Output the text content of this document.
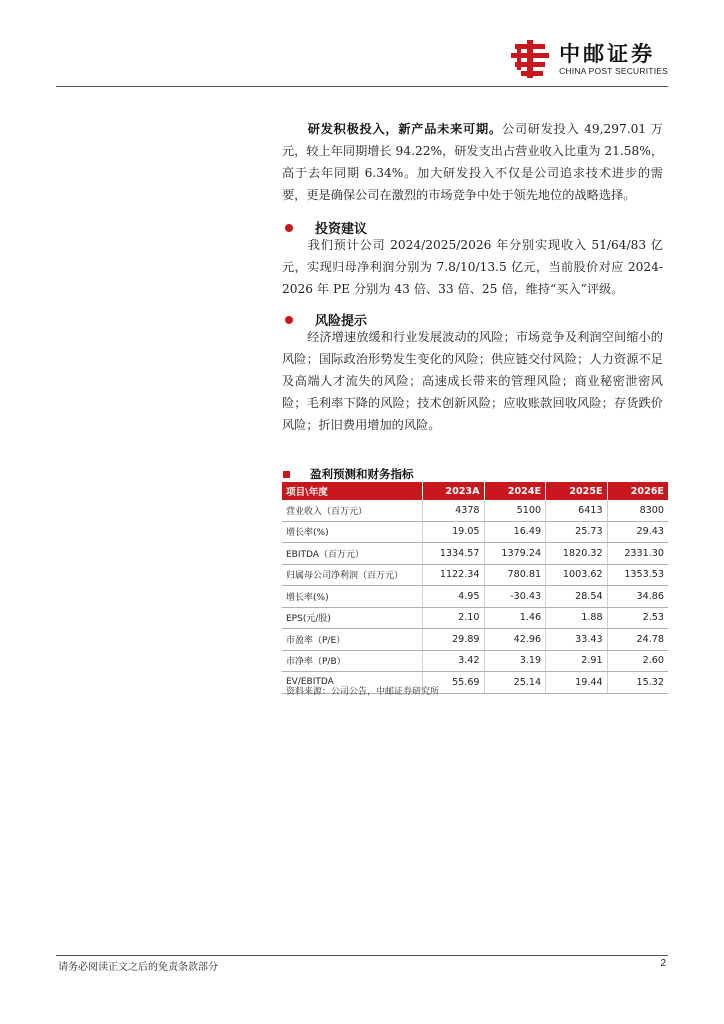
中邮证券
CHINA POST SECURITIES
研发积极投入，新产品未来可期。公司研发投入 49,297.01 万元，较上年同期增长 94.22%，研发支出占营业收入比重为 21.58%，高于去年同期 6.34%。加大研发投入不仅是公司追求技术进步的需要，更是确保公司在激烈的市场竞争中处于领先地位的战略选择。
投资建议
我们预计公司 2024/2025/2026 年分别实现收入 51/64/83 亿元，实现归母净利润分别为 7.8/10/13.5 亿元，当前股价对应 2024-2026 年 PE 分别为 43 倍、33 倍、25 倍，维持“买入”评级。
风险提示
经济增速放缓和行业发展波动的风险；市场竞争及利润空间缩小的风险；国际政治形势发生变化的风险；供应链交付风险；人力资源不足及高端人才流失的风险；高速成长带来的管理风险；商业秘密泄密风险；毛利率下降的风险；技术创新风险；应收账款回收风险；存货跌价风险；折旧费用增加的风险。
盈利预测和财务指标
项目\年度	2023A	2024E	2025E	2026E
营业收入（百万元）	4378	5100	6413	8300
增长率(%)	19.05	16.49	25.73	29.43
EBITDA（百万元）	1334.57	1379.24	1820.32	2331.30
归属母公司净利润（百万元）	1122.34	780.81	1003.62	1353.53
增长率(%)	4.95	-30.43	28.54	34.86
EPS(元/股)	2.10	1.46	1.88	2.53
市盈率（P/E）	29.89	42.96	33.43	24.78
市净率（P/B）	3.42	3.19	2.91	2.60
EV/EBITDA	55.69	25.14	19.44	15.32
资料来源：公司公告，中邮证券研究所
请务必阅读正文之后的免责条款部分	2
